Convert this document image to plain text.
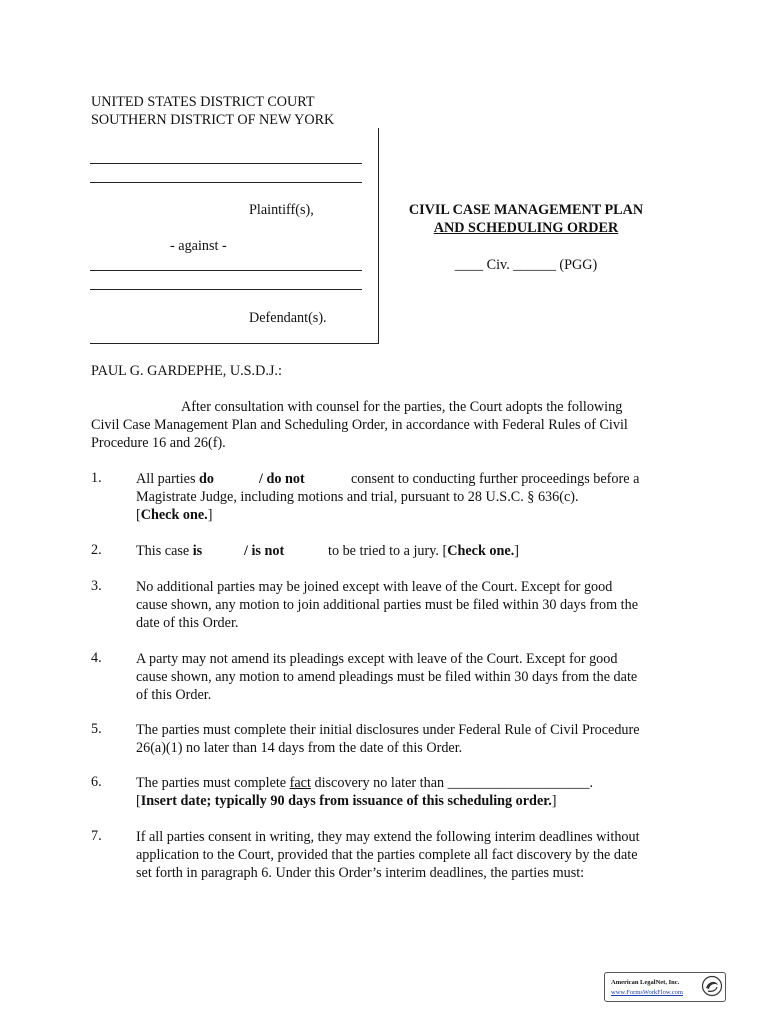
UNITED STATES DISTRICT COURT
SOUTHERN DISTRICT OF NEW YORK
Plaintiff(s),
- against -
Defendant(s).
CIVIL CASE MANAGEMENT PLAN
AND SCHEDULING ORDER
____ Civ. ______ (PGG)
PAUL G. GARDEPHE, U.S.D.J.:
After consultation with counsel for the parties, the Court adopts the following
Civil Case Management Plan and Scheduling Order, in accordance with Federal Rules of Civil
Procedure 16 and 26(f).
1. All parties do	/ do not	consent to conducting further proceedings before a
Magistrate Judge, including motions and trial, pursuant to 28 U.S.C. § 636(c).
[Check one.]
2. This case is	/ is not	to be tried to a jury. [Check one.]
3. No additional parties may be joined except with leave of the Court. Except for good
cause shown, any motion to join additional parties must be filed within 30 days from the
date of this Order.
4. A party may not amend its pleadings except with leave of the Court. Except for good
cause shown, any motion to amend pleadings must be filed within 30 days from the date
of this Order.
5. The parties must complete their initial disclosures under Federal Rule of Civil Procedure
26(a)(1) no later than 14 days from the date of this Order.
6. The parties must complete fact discovery no later than ____________________.
[Insert date; typically 90 days from issuance of this scheduling order.]
7. If all parties consent in writing, they may extend the following interim deadlines without
application to the Court, provided that the parties complete all fact discovery by the date
set forth in paragraph 6. Under this Order’s interim deadlines, the parties must:
American LegalNet, Inc.
www.FormsWorkFlow.com
